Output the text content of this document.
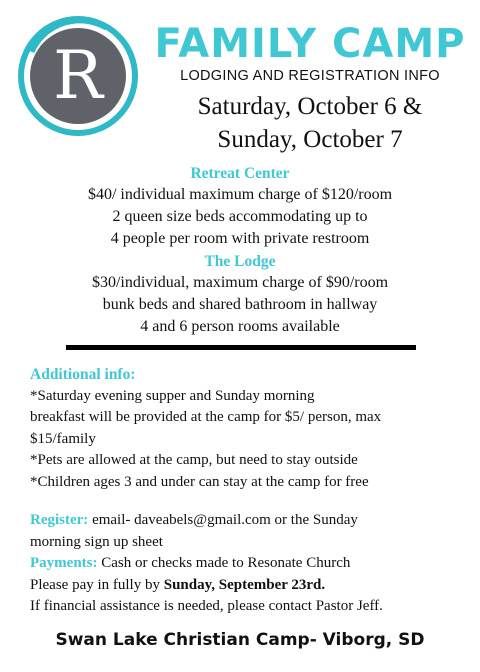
R FAMILY CAMP
LODGING AND REGISTRATION INFO
Saturday, October 6 &
Sunday, October 7
Retreat Center
$40/ individual maximum charge of $120/room
2 queen size beds accommodating up to
4 people per room with private restroom
The Lodge
$30/individual, maximum charge of $90/room
bunk beds and shared bathroom in hallway
4 and 6 person rooms available
Additional info:
*Saturday evening supper and Sunday morning
breakfast will be provided at the camp for $5/ person, max
$15/family
*Pets are allowed at the camp, but need to stay outside
*Children ages 3 and under can stay at the camp for free
Register: email- daveabels@gmail.com or the Sunday
morning sign up sheet
Payments: Cash or checks made to Resonate Church
Please pay in fully by Sunday, September 23rd.
If financial assistance is needed, please contact Pastor Jeff.
Swan Lake Christian Camp- Viborg, SD
